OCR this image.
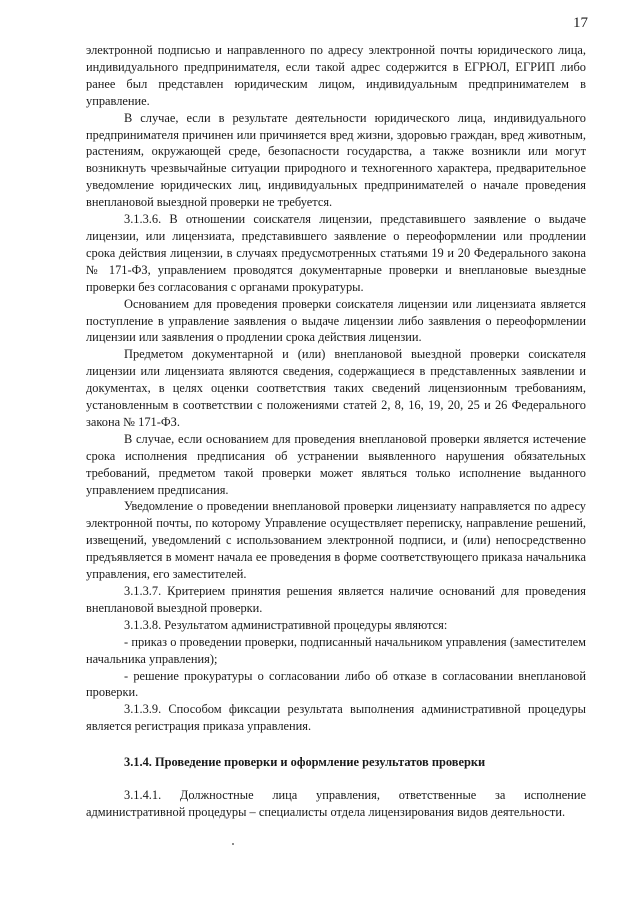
17

электронной подписью и направленного по адресу электронной почты юридического лица, индивидуального предпринимателя, если такой адрес содержится в ЕГРЮЛ, ЕГРИП либо ранее был представлен юридическим лицом, индивидуальным предпринимателем в управление.

В случае, если в результате деятельности юридического лица, индивидуального предпринимателя причинен или причиняется вред жизни, здоровью граждан, вред животным, растениям, окружающей среде, безопасности государства, а также возникли или могут возникнуть чрезвычайные ситуации природного и техногенного характера, предварительное уведомление юридических лиц, индивидуальных предпринимателей о начале проведения внеплановой выездной проверки не требуется.

3.1.3.6. В отношении соискателя лицензии, представившего заявление о выдаче лицензии, или лицензиата, представившего заявление о переоформлении или продлении срока действия лицензии, в случаях предусмотренных статьями 19 и 20 Федерального закона № 171-ФЗ, управлением проводятся документарные проверки и внеплановые выездные проверки без согласования с органами прокуратуры.

Основанием для проведения проверки соискателя лицензии или лицензиата является поступление в управление заявления о выдаче лицензии либо заявления о переоформлении лицензии или заявления о продлении срока действия лицензии.

Предметом документарной и (или) внеплановой выездной проверки соискателя лицензии или лицензиата являются сведения, содержащиеся в представленных заявлении и документах, в целях оценки соответствия таких сведений лицензионным требованиям, установленным в соответствии с положениями статей 2, 8, 16, 19, 20, 25 и 26 Федерального закона № 171-ФЗ.

В случае, если основанием для проведения внеплановой проверки является истечение срока исполнения предписания об устранении выявленного нарушения обязательных требований, предметом такой проверки может являться только исполнение выданного управлением предписания.

Уведомление о проведении внеплановой проверки лицензиату направляется по адресу электронной почты, по которому Управление осуществляет переписку, направление решений, извещений, уведомлений с использованием электронной подписи, и (или) непосредственно предъявляется в момент начала ее проведения в форме соответствующего приказа начальника управления, его заместителей.

3.1.3.7. Критерием принятия решения является наличие оснований для проведения внеплановой выездной проверки.

3.1.3.8. Результатом административной процедуры являются:

- приказ о проведении проверки, подписанный начальником управления (заместителем начальника управления);

- решение прокуратуры о согласовании либо об отказе в согласовании внеплановой проверки.

3.1.3.9. Способом фиксации результата выполнения административной процедуры является регистрация приказа управления.

3.1.4. Проведение проверки и оформление результатов проверки

3.1.4.1. Должностные лица управления, ответственные за исполнение административной процедуры – специалисты отдела лицензирования видов деятельности.
